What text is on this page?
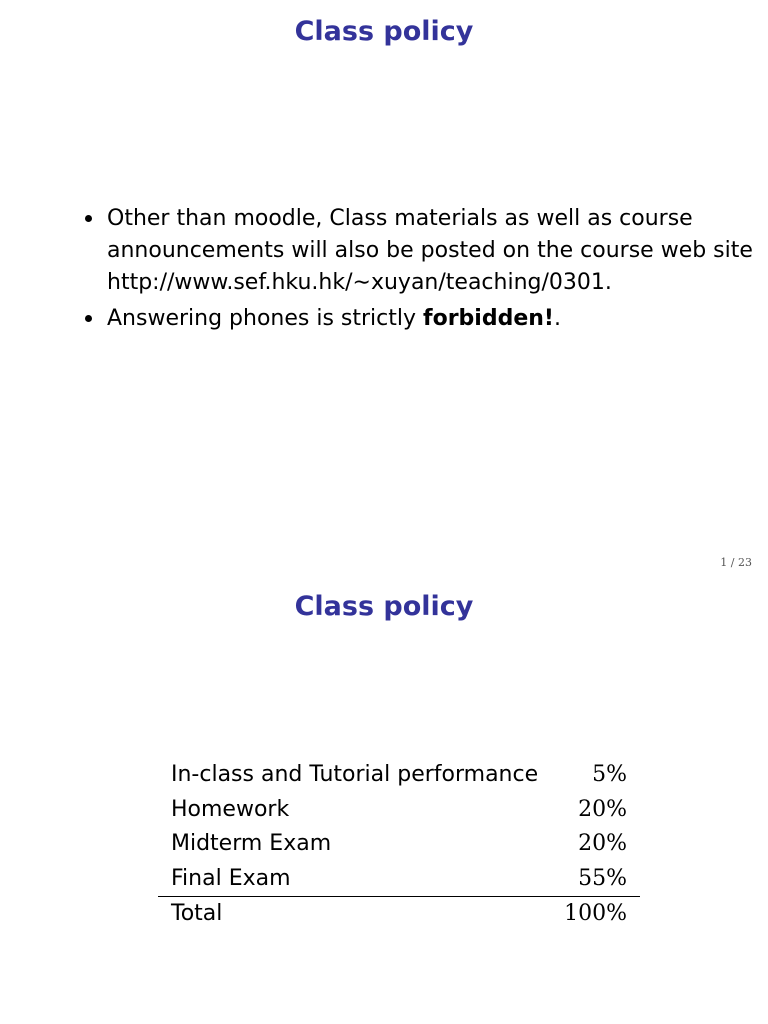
Class policy
Other than moodle, Class materials as well as course
announcements will also be posted on the course web site
http://www.sef.hku.hk/∼xuyan/teaching/0301.
Answering phones is strictly forbidden!.
1 / 23
Class policy
In-class and Tutorial performance	5%
Homework	20%
Midterm Exam	20%
Final Exam	55%
Total	100%
